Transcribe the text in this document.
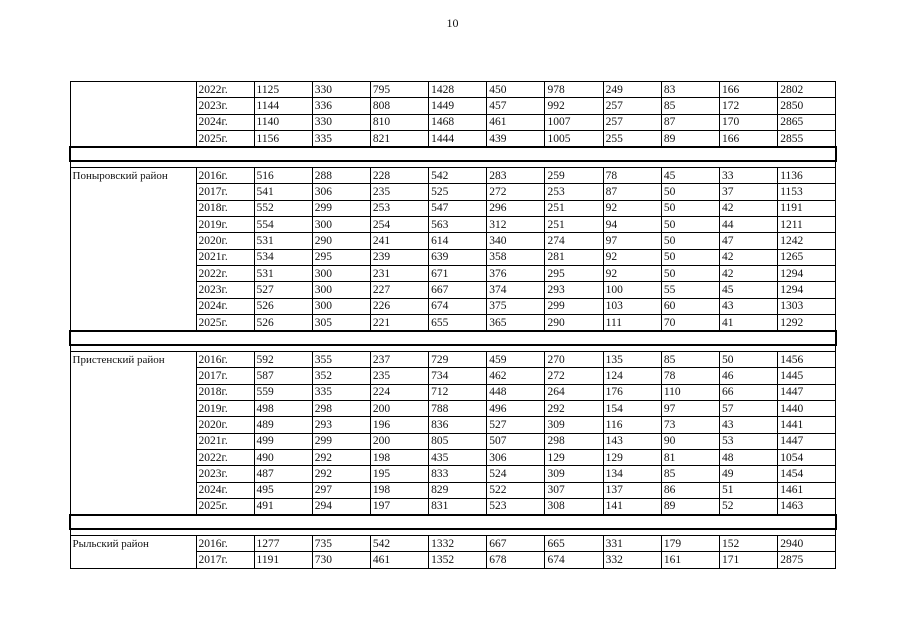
10
	2022г.	1125	330	795	1428	450	978	249	83	166	2802
	2023г.	1144	336	808	1449	457	992	257	85	172	2850
	2024г.	1140	330	810	1468	461	1007	257	87	170	2865
	2025г.	1156	335	821	1444	439	1005	255	89	166	2855

Поныровский район	2016г.	516	288	228	542	283	259	78	45	33	1136
	2017г.	541	306	235	525	272	253	87	50	37	1153
	2018г.	552	299	253	547	296	251	92	50	42	1191
	2019г.	554	300	254	563	312	251	94	50	44	1211
	2020г.	531	290	241	614	340	274	97	50	47	1242
	2021г.	534	295	239	639	358	281	92	50	42	1265
	2022г.	531	300	231	671	376	295	92	50	42	1294
	2023г.	527	300	227	667	374	293	100	55	45	1294
	2024г.	526	300	226	674	375	299	103	60	43	1303
	2025г.	526	305	221	655	365	290	111	70	41	1292

Пристенский район	2016г.	592	355	237	729	459	270	135	85	50	1456
	2017г.	587	352	235	734	462	272	124	78	46	1445
	2018г.	559	335	224	712	448	264	176	110	66	1447
	2019г.	498	298	200	788	496	292	154	97	57	1440
	2020г.	489	293	196	836	527	309	116	73	43	1441
	2021г.	499	299	200	805	507	298	143	90	53	1447
	2022г.	490	292	198	435	306	129	129	81	48	1054
	2023г.	487	292	195	833	524	309	134	85	49	1454
	2024г.	495	297	198	829	522	307	137	86	51	1461
	2025г.	491	294	197	831	523	308	141	89	52	1463

Рыльский район	2016г.	1277	735	542	1332	667	665	331	179	152	2940
	2017г.	1191	730	461	1352	678	674	332	161	171	2875
